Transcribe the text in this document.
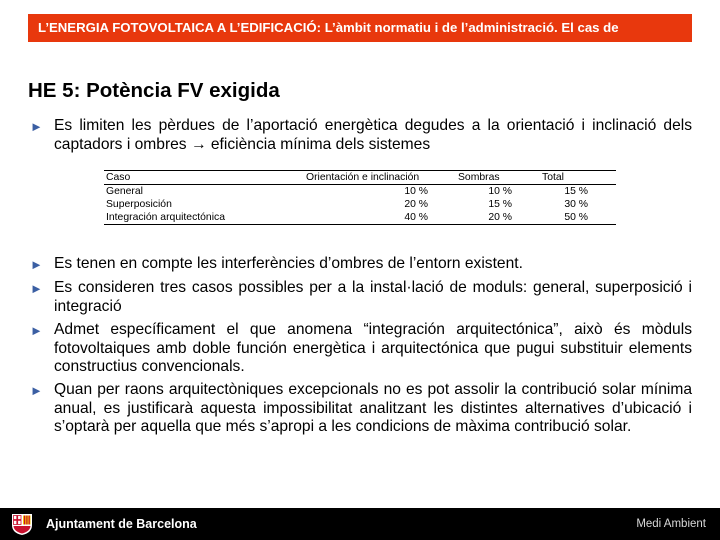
L’ENERGIA FOTOVOLTAICA A L’EDIFICACIÓ: L’àmbit normatiu i de l’administració. El cas de
HE 5: Potència FV exigida
► Es limiten les pèrdues de l’aportació energètica degudes a la orientació i inclinació dels captadors i ombres → eficiència mínima dels sistemes
Caso	Orientación e inclinación	Sombras	Total
General	10 %	10 %	15 %
Superposición	20 %	15 %	30 %
Integración arquitectónica	40 %	20 %	50 %
► Es tenen en compte les interferències d’ombres de l’entorn existent.
► Es consideren tres casos possibles per a la instal·lació de moduls: general, superposició i integració
► Admet específicament el que anomena “integración arquitectónica”, això és mòduls fotovoltaiques amb doble función energètica i arquitectónica que pugui substituir elements constructius convencionals.
► Quan per raons arquitectòniques excepcionals no es pot assolir la contribució solar mínima anual, es justificarà aquesta impossibilitat analitzant les distintes alternatives d’ubicació i s’optarà per aquella que més s’apropi a les condicions de màxima contribució solar.
Ajuntament de Barcelona	Medi Ambient
